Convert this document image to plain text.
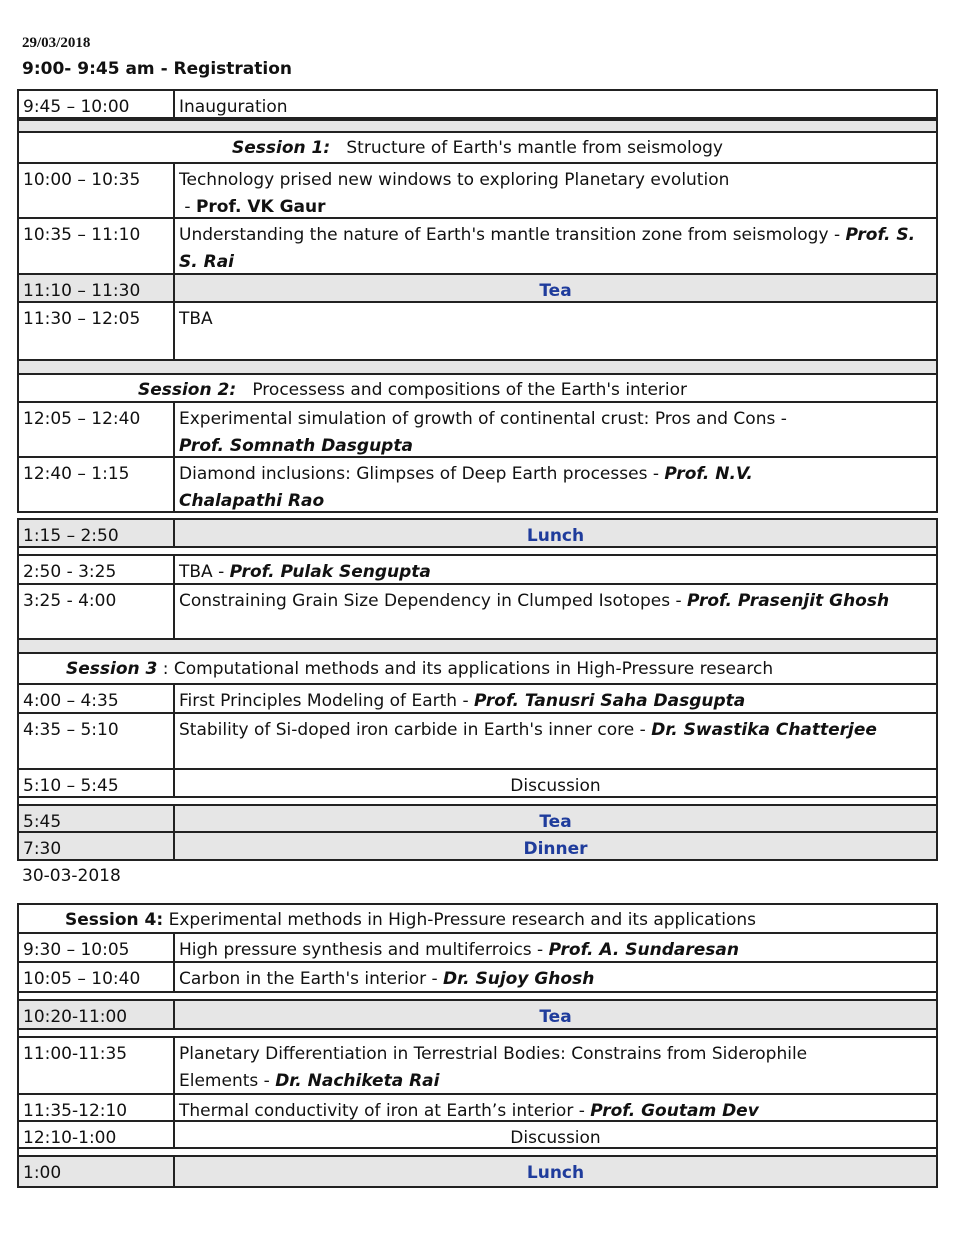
29/03/2018
9:00- 9:45 am - Registration
9:45 – 10:00	Inauguration
Session 1: Structure of Earth's mantle from seismology
10:00 – 10:35	Technology prised new windows to exploring Planetary evolution
- Prof. VK Gaur
10:35 – 11:10	Understanding the nature of Earth's mantle transition zone from seismology - Prof. S. S. Rai
11:10 – 11:30	Tea
11:30 – 12:05	TBA
Session 2: Processess and compositions of the Earth's interior
12:05 – 12:40	Experimental simulation of growth of continental crust: Pros and Cons -
Prof. Somnath Dasgupta
12:40 – 1:15	Diamond inclusions: Glimpses of Deep Earth processes - Prof. N.V. Chalapathi Rao
1:15 – 2:50	Lunch
2:50 - 3:25	TBA - Prof. Pulak Sengupta
3:25 - 4:00	Constraining Grain Size Dependency in Clumped Isotopes - Prof. Prasenjit Ghosh
Session 3 : Computational methods and its applications in High-Pressure research
4:00 – 4:35	First Principles Modeling of Earth - Prof. Tanusri Saha Dasgupta
4:35 – 5:10	Stability of Si-doped iron carbide in Earth's inner core - Dr. Swastika Chatterjee
5:10 – 5:45	Discussion
5:45	Tea
7:30	Dinner
30-03-2018
Session 4: Experimental methods in High-Pressure research and its applications
9:30 – 10:05	High pressure synthesis and multiferroics - Prof. A. Sundaresan
10:05 – 10:40	Carbon in the Earth's interior - Dr. Sujoy Ghosh
10:20-11:00	Tea
11:00-11:35	Planetary Differentiation in Terrestrial Bodies: Constrains from Siderophile Elements - Dr. Nachiketa Rai
11:35-12:10	Thermal conductivity of iron at Earth’s interior - Prof. Goutam Dev
12:10-1:00	Discussion
1:00	Lunch
